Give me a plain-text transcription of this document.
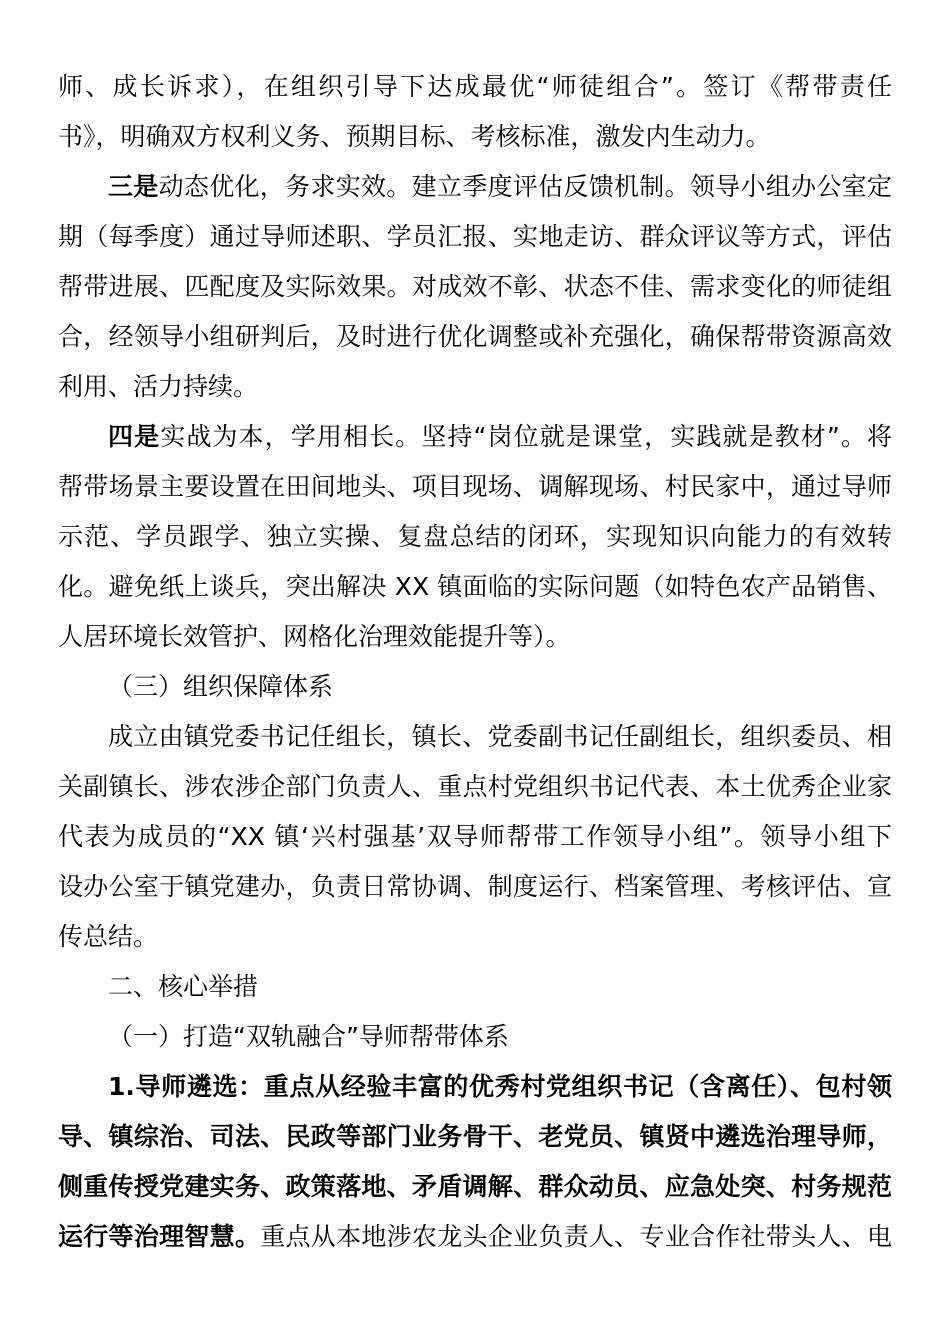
师、成长诉求），在组织引导下达成最优“师徒组合”。签订《帮带责任
书》，明确双方权利义务、预期目标、考核标准，激发内生动力。
三是动态优化，务求实效。建立季度评估反馈机制。领导小组办公室定
期（每季度）通过导师述职、学员汇报、实地走访、群众评议等方式，评估
帮带进展、匹配度及实际效果。对成效不彰、状态不佳、需求变化的师徒组
合，经领导小组研判后，及时进行优化调整或补充强化，确保帮带资源高效
利用、活力持续。
四是实战为本，学用相长。坚持“岗位就是课堂，实践就是教材”。将
帮带场景主要设置在田间地头、项目现场、调解现场、村民家中，通过导师
示范、学员跟学、独立实操、复盘总结的闭环，实现知识向能力的有效转
化。避免纸上谈兵，突出解决 XX 镇面临的实际问题（如特色农产品销售、
人居环境长效管护、网格化治理效能提升等）。
（三）组织保障体系
成立由镇党委书记任组长，镇长、党委副书记任副组长，组织委员、相
关副镇长、涉农涉企部门负责人、重点村党组织书记代表、本土优秀企业家
代表为成员的“XX 镇‘兴村强基’双导师帮带工作领导小组”。领导小组下
设办公室于镇党建办，负责日常协调、制度运行、档案管理、考核评估、宣
传总结。
二、核心举措
（一）打造“双轨融合”导师帮带体系
1.导师遴选：重点从经验丰富的优秀村党组织书记（含离任）、包村领
导、镇综治、司法、民政等部门业务骨干、老党员、镇贤中遴选治理导师，
侧重传授党建实务、政策落地、矛盾调解、群众动员、应急处突、村务规范
运行等治理智慧。重点从本地涉农龙头企业负责人、专业合作社带头人、电
